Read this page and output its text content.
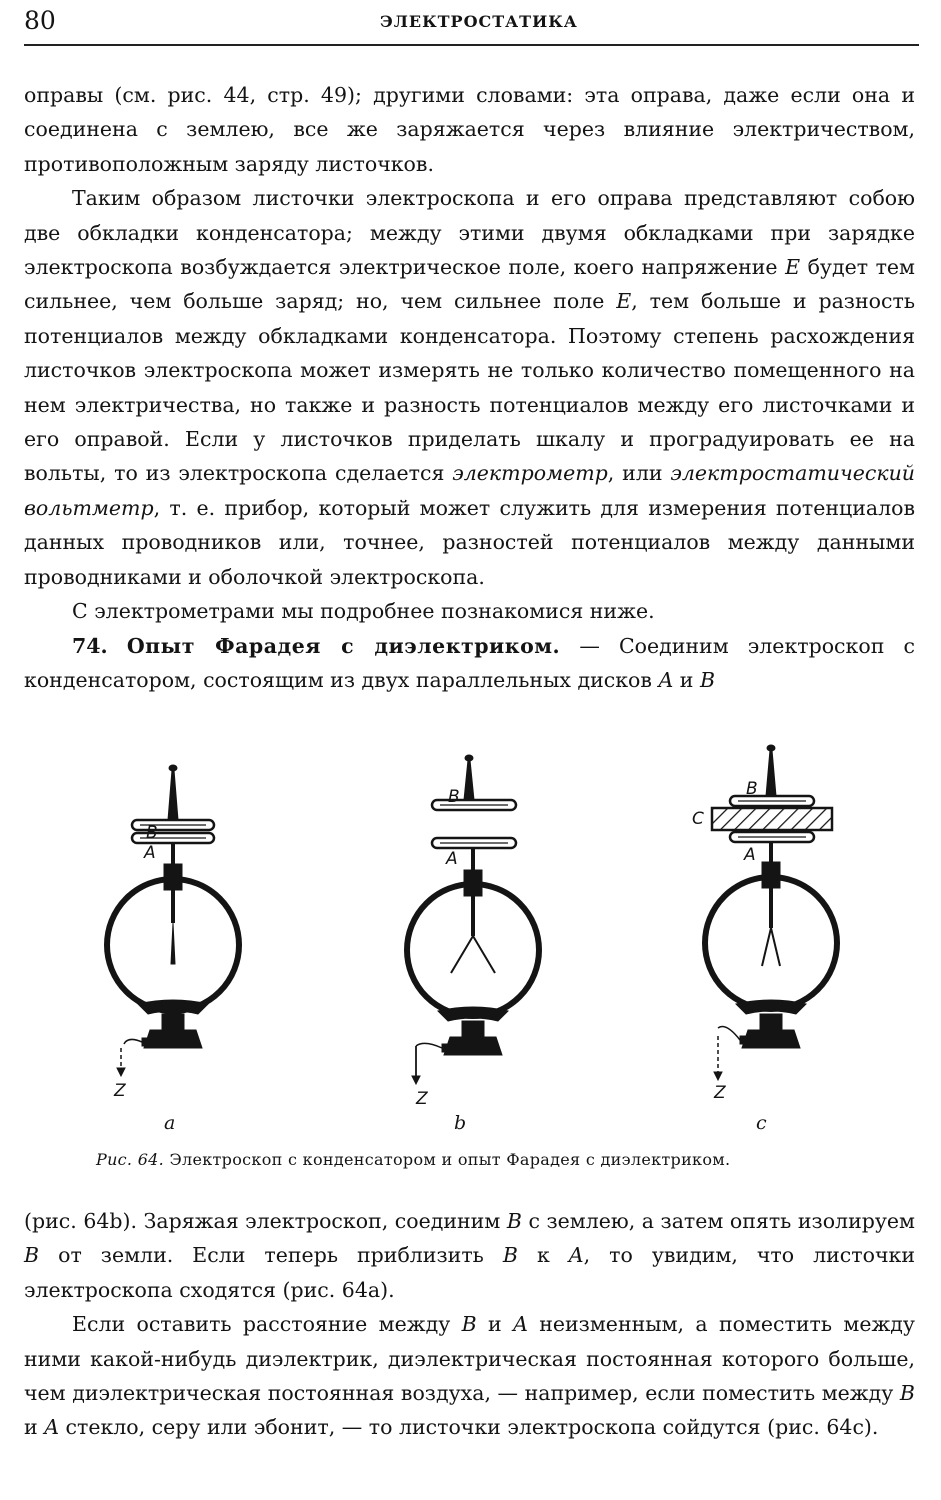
80	ЭЛЕКТРОСТАТИКА

оправы (см. рис. 44, стр. 49); другими словами: эта оправа, даже если она и соединена с землею, все же заряжается через влияние электричеством, противоположным заряду листочков.

Таким образом листочки электроскопа и его оправа представляют собою две обкладки конденсатора; между этими двумя обкладками при зарядке электроскопа возбуждается электрическое поле, коего напряжение E будет тем сильнее, чем больше заряд; но, чем сильнее поле E, тем больше и разность потенциалов между обкладками конденсатора. Поэтому степень расхождения листочков электроскопа может измерять не только количество помещенного на нем электричества, но также и разность потенциалов между его листочками и его оправой. Если у листочков приделать шкалу и проградуировать ее на вольты, то из электроскопа сделается электрометр, или электростатический вольтметр, т. е. прибор, который может служить для измерения потенциалов данных проводников или, точнее, разностей потенциалов между данными проводниками и оболочкой электроскопа.

С электрометрами мы подробнее познакомися ниже.

74. Опыт Фарадея с диэлектриком. — Соединим электроскоп с конденсатором, состоящим из двух параллельных дисков A и B

B
A
Z
B
A
Z
B
C
A
Z
a	b	c
Рис. 64. Электроскоп с конденсатором и опыт Фарадея с диэлектриком.

(рис. 64b). Заряжая электроскоп, соединим B с землею, а затем опять изолируем B от земли. Если теперь приблизить B к A, то увидим, что листочки электроскопа сходятся (рис. 64a).

Если оставить расстояние между B и A неизменным, а поместить между ними какой-нибудь диэлектрик, диэлектрическая постоянная которого больше, чем диэлектрическая постоянная воздуха, — например, если поместить между B и A стекло, серу или эбонит, — то листочки электроскопа сойдутся (рис. 64c).
